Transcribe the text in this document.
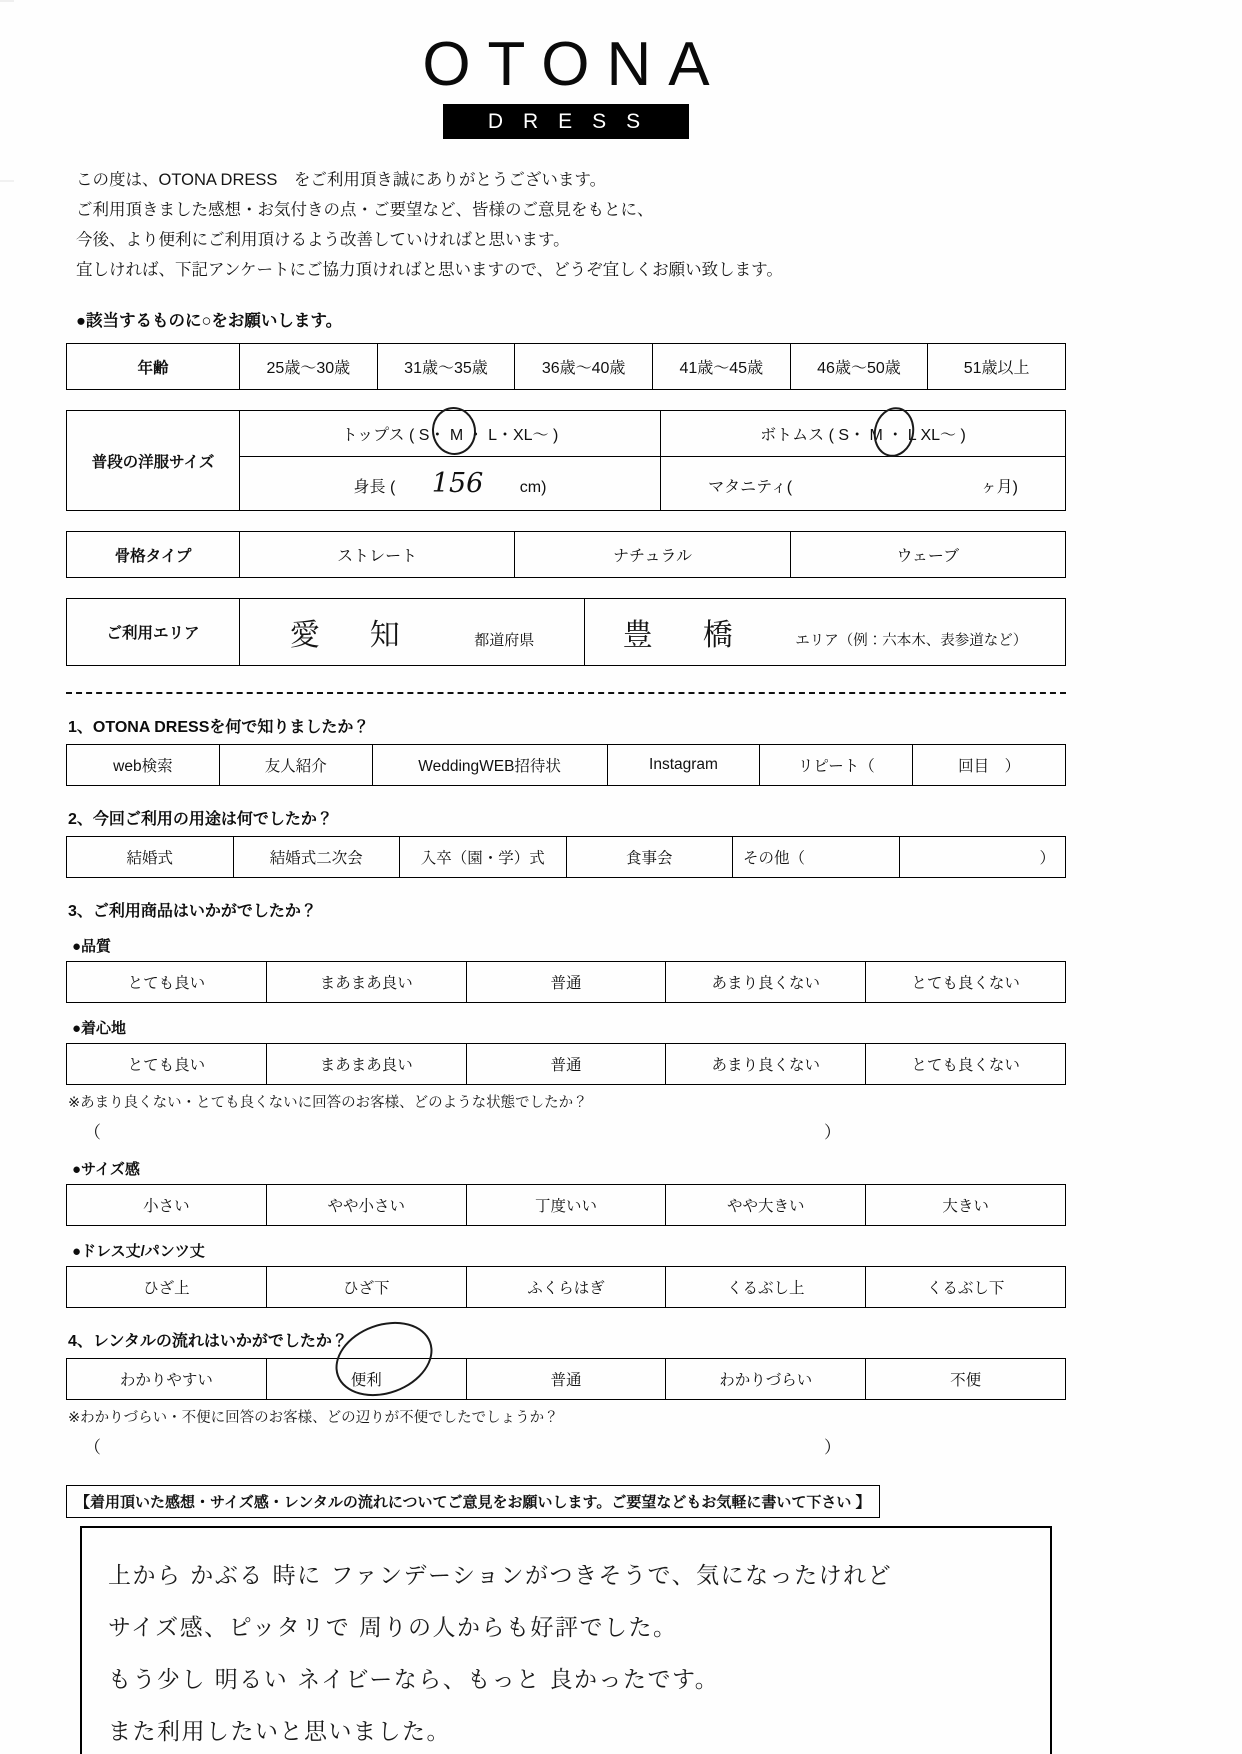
OTONA
DRESS
この度は、OTONA DRESS　をご利用頂き誠にありがとうございます。
ご利用頂きました感想・お気付きの点・ご要望など、皆様のご意見をもとに、
今後、より便利にご利用頂けるよう改善していければと思います。
宜しければ、下記アンケートにご協力頂ければと思いますので、どうぞ宜しくお願い致します。
●該当するものに○をお願いします。
年齢	25歳〜30歳	31歳〜35歳	36歳〜40歳	41歳〜45歳	46歳〜50歳	51歳以上
普段の洋服サイズ	トップス ( S・ M ・ L・XL〜 )	ボトムス ( S・ M ・ L XL〜 )

	身長 ( 156 cm)	マタニティ( ヶ月)
骨格タイプ	ストレート	ナチュラル	ウェーブ
ご利用エリア	愛　知	都道府県	豊　橋	エリア（例：六本木、表参道など）
1、OTONA DRESSを何で知りましたか？
web検索	友人紹介	WeddingWEB招待状	Instagram	リピート（	回目　）
2、今回ご利用の用途は何でしたか？
結婚式	結婚式二次会	入卒（園・学）式	食事会	その他（	）
3、ご利用商品はいかがでしたか？
●品質
とても良い	まあまあ良い	普通	あまり良くない	とても良くない
●着心地
とても良い	まあまあ良い	普通	あまり良くない	とても良くない
※あまり良くない・とても良くないに回答のお客様、どのような状態でしたか？
（	）
●サイズ感
小さい	やや小さい	丁度いい	やや大きい	大きい
●ドレス丈/パンツ丈
ひざ上	ひざ下	ふくらはぎ	くるぶし上	くるぶし下
4、レンタルの流れはいかがでしたか？
わかりやすい	便利	普通	わかりづらい	不便
※わかりづらい・不便に回答のお客様、どの辺りが不便でしたでしょうか？
（	）
【着用頂いた感想・サイズ感・レンタルの流れについてご意見をお願いします。ご要望などもお気軽に書いて下さい 】
上から かぶる 時に ファンデーションがつきそうで、気になったけれど
サイズ感、ピッタリで 周りの人からも好評でした。
もう少し 明るい ネイビーなら、もっと 良かったです。
また利用したいと思いました。
